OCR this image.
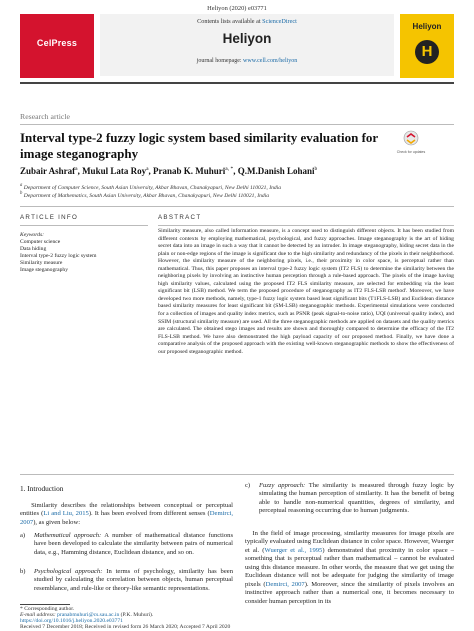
Heliyon (2020) e03771
CelPress
Contents lists available at ScienceDirect
Heliyon
journal homepage: www.cell.com/heliyon
Heliyon
H
Research article
Interval type-2 fuzzy logic system based similarity evaluation for image steganography	Check for updates
Zubair Ashraf$^a$, Mukul Lata Roy$^a$, Pranab K. Muhuri$^{a, *}$, Q.M.Danish Lohani$^b$
$^a$ Department of Computer Science, South Asian University, Akbar Bhavan, Chanakyapuri, New Delhi 110021, India
$^b$ Department of Mathematics, South Asian University, Akbar Bhavan, Chanakyapuri, New Delhi 110021, India
ARTICLE INFO
Keywords:
Computer science
Data hiding
Interval type-2 fuzzy logic system
Similarity measure
Image steganography
ABSTRACT
Similarity measure, also called information measure, is a concept used to distinguish different objects. It has been studied from different contexts by employing mathematical, psychological, and fuzzy approaches. Image steganography is the art of hiding secret data into an image in such a way that it cannot be detected by an intruder. In image steganography, hiding secret data in the plain or non-edge regions of the image is significant due to the high similarity and redundancy of the pixels in their neighborhood. However, the similarity measure of the neighboring pixels, i.e., their proximity in color space, is perceptual rather than mathematical. Thus, this paper proposes an interval type-2 fuzzy logic system (IT2 FLS) to determine the similarity between the neighboring pixels by involving an instinctive human perception through a rule-based approach. The pixels of the image having high similarity values, calculated using the proposed IT2 FLS similarity measure, are selected for embedding via the least significant bit (LSB) method. We term the proposed procedure of steganography as IT2 FLS-LSB method'. Moreover, we have developed two more methods, namely, type-1 fuzzy logic system based least significant bits (T1FLS-LSB) and Euclidean distance based similarity measures for least significant bit (SM-LSB) steganographic methods. Experimental simulations were conducted for a collection of images and quality index metrics, such as PSNR (peak signal-to-noise ratio), UQI (universal quality index), and SSIM (structural similarity measure) are used. All the three steganographic methods are applied on datasets and the quality metrics are calculated. The obtained stego images and results are shown and thoroughly compared to determine the efficacy of the IT2 FLS-LSB method. We have also demonstrated the high payload capacity of our proposed method. Finally, we have done a comparative analysis of the proposed approach with the existing well-known steganographic methods to show the effectiveness of our proposed steganographic method.
1. Introduction
Similarity describes the relationships between conceptual or perceptual entities (Li and Liu, 2015). It has been evolved from different senses (Demirci, 2007), as given below:
a) Mathematical approach: A number of mathematical distance functions have been developed to calculate the similarity between pairs of numerical data, e.g., Hamming distance, Euclidean distance, and so on.
b) Psychological approach: In terms of psychology, similarity has been studied by calculating the correlation between objects, human perceptual resemblance, and rule-like or theory-like semantic representations.
c) Fuzzy approach: The similarity is measured through fuzzy logic by simulating the human perception of similarity. It has the benefit of being able to handle non-numerical quantities, degrees of similarity, and perceptual reasoning occurring due to human judgments.
In the field of image processing, similarity measures for image pixels are typically evaluated using Euclidean distance in color space. However, Wuerger et al. (Wuerger et al., 1995) demonstrated that proximity in color space – something that is perceptual rather than mathematical – cannot be evaluated using this distance measure. In other words, the measure that we get using the Euclidean distance will not be adequate for judging the similarity of image pixels (Demirci, 2007). Moreover, since the similarity of pixels involves an instinctive approach rather than a numerical one, it becomes necessary to consider human perception in its
* Corresponding author.
E-mail address: pranabmuhuri@cs.sau.ac.in (P.K. Muhuri).
https://doi.org/10.1016/j.heliyon.2020.e03771
Received 7 December 2018; Received in revised form 26 March 2020; Accepted 7 April 2020
